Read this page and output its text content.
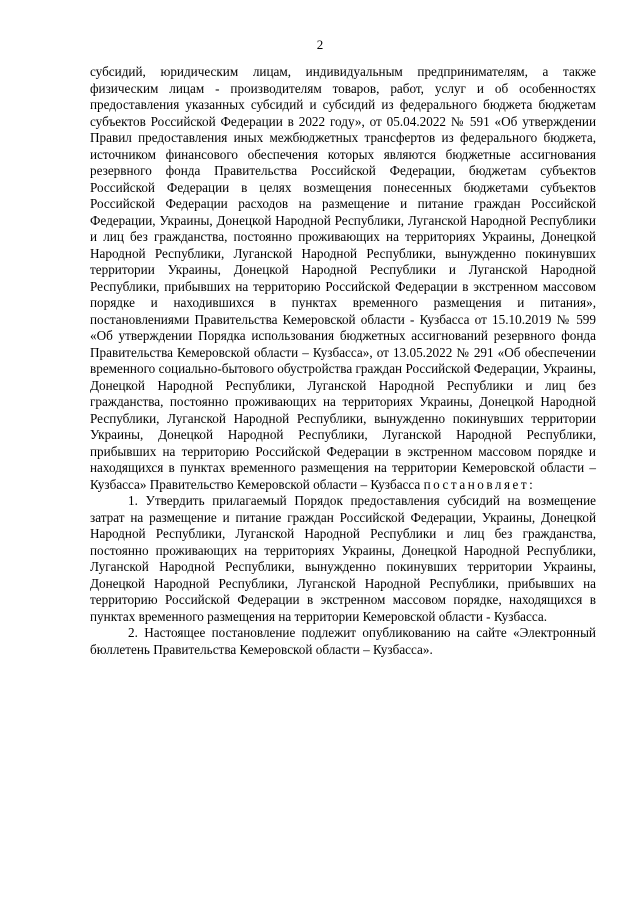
2

субсидий, юридическим лицам, индивидуальным предпринимателям, а также физическим лицам - производителям товаров, работ, услуг и об особенностях предоставления указанных субсидий и субсидий из федерального бюджета бюджетам субъектов Российской Федерации в 2022 году», от 05.04.2022 № 591 «Об утверждении Правил предоставления иных межбюджетных трансфертов из федерального бюджета, источником финансового обеспечения которых являются бюджетные ассигнования резервного фонда Правительства Российской Федерации, бюджетам субъектов Российской Федерации в целях возмещения понесенных бюджетами субъектов Российской Федерации расходов на размещение и питание граждан Российской Федерации, Украины, Донецкой Народной Республики, Луганской Народной Республики и лиц без гражданства, постоянно проживающих на территориях Украины, Донецкой Народной Республики, Луганской Народной Республики, вынужденно покинувших территории Украины, Донецкой Народной Республики и Луганской Народной Республики, прибывших на территорию Российской Федерации в экстренном массовом порядке и находившихся в пунктах временного размещения и питания», постановлениями Правительства Кемеровской области - Кузбасса от 15.10.2019 № 599 «Об утверждении Порядка использования бюджетных ассигнований резервного фонда Правительства Кемеровской области – Кузбасса», от 13.05.2022 № 291 «Об обеспечении временного социально-бытового обустройства граждан Российской Федерации, Украины, Донецкой Народной Республики, Луганской Народной Республики и лиц без гражданства, постоянно проживающих на территориях Украины, Донецкой Народной Республики, Луганской Народной Республики, вынужденно покинувших территории Украины, Донецкой Народной Республики, Луганской Народной Республики, прибывших на территорию Российской Федерации в экстренном массовом порядке и находящихся в пунктах временного размещения на территории Кемеровской области – Кузбасса» Правительство Кемеровской области – Кузбасса постановляет:

1. Утвердить прилагаемый Порядок предоставления субсидий на возмещение затрат на размещение и питание граждан Российской Федерации, Украины, Донецкой Народной Республики, Луганской Народной Республики и лиц без гражданства, постоянно проживающих на территориях Украины, Донецкой Народной Республики, Луганской Народной Республики, вынужденно покинувших территории Украины, Донецкой Народной Республики, Луганской Народной Республики, прибывших на территорию Российской Федерации в экстренном массовом порядке, находящихся в пунктах временного размещения на территории Кемеровской области - Кузбасса.

2. Настоящее постановление подлежит опубликованию на сайте «Электронный бюллетень Правительства Кемеровской области – Кузбасса».
